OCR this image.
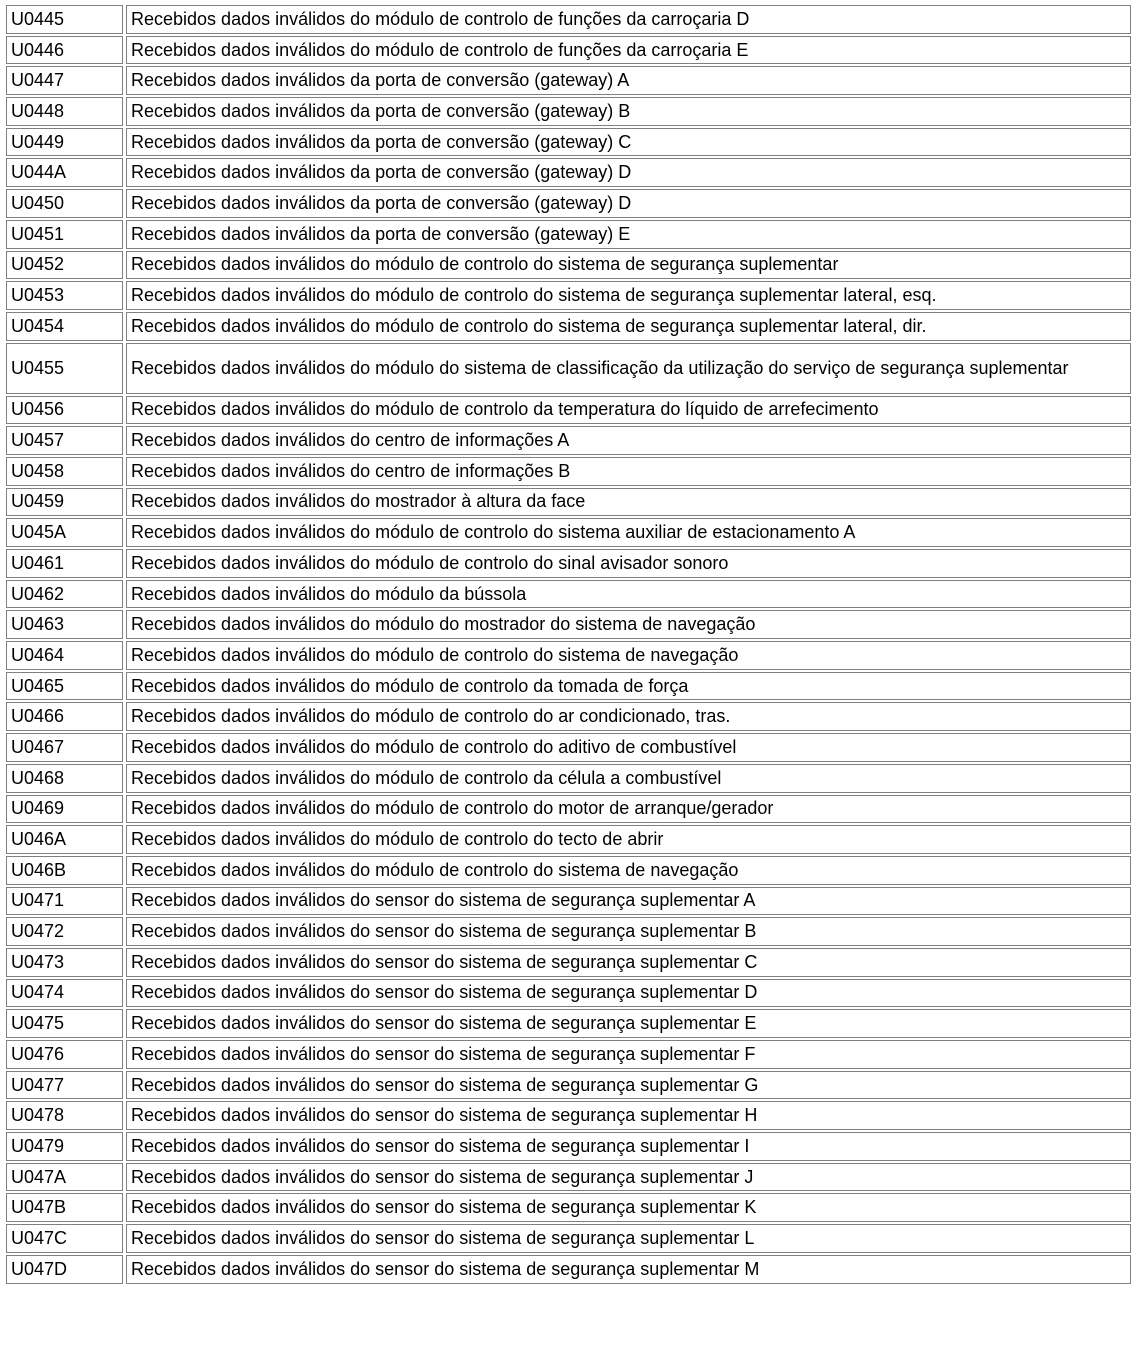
U0445	Recebidos dados inválidos do módulo de controlo de funções da carroçaria D
U0446	Recebidos dados inválidos do módulo de controlo de funções da carroçaria E
U0447	Recebidos dados inválidos da porta de conversão (gateway) A
U0448	Recebidos dados inválidos da porta de conversão (gateway) B
U0449	Recebidos dados inválidos da porta de conversão (gateway) C
U044A	Recebidos dados inválidos da porta de conversão (gateway) D
U0450	Recebidos dados inválidos da porta de conversão (gateway) D
U0451	Recebidos dados inválidos da porta de conversão (gateway) E
U0452	Recebidos dados inválidos do módulo de controlo do sistema de segurança suplementar
U0453	Recebidos dados inválidos do módulo de controlo do sistema de segurança suplementar lateral, esq.
U0454	Recebidos dados inválidos do módulo de controlo do sistema de segurança suplementar lateral, dir.
U0455	Recebidos dados inválidos do módulo do sistema de classificação da utilização do serviço de segurança suplementar
U0456	Recebidos dados inválidos do módulo de controlo da temperatura do líquido de arrefecimento
U0457	Recebidos dados inválidos do centro de informações A
U0458	Recebidos dados inválidos do centro de informações B
U0459	Recebidos dados inválidos do mostrador à altura da face
U045A	Recebidos dados inválidos do módulo de controlo do sistema auxiliar de estacionamento A
U0461	Recebidos dados inválidos do módulo de controlo do sinal avisador sonoro
U0462	Recebidos dados inválidos do módulo da bússola
U0463	Recebidos dados inválidos do módulo do mostrador do sistema de navegação
U0464	Recebidos dados inválidos do módulo de controlo do sistema de navegação
U0465	Recebidos dados inválidos do módulo de controlo da tomada de força
U0466	Recebidos dados inválidos do módulo de controlo do ar condicionado, tras.
U0467	Recebidos dados inválidos do módulo de controlo do aditivo de combustível
U0468	Recebidos dados inválidos do módulo de controlo da célula a combustível
U0469	Recebidos dados inválidos do módulo de controlo do motor de arranque/gerador
U046A	Recebidos dados inválidos do módulo de controlo do tecto de abrir
U046B	Recebidos dados inválidos do módulo de controlo do sistema de navegação
U0471	Recebidos dados inválidos do sensor do sistema de segurança suplementar A
U0472	Recebidos dados inválidos do sensor do sistema de segurança suplementar B
U0473	Recebidos dados inválidos do sensor do sistema de segurança suplementar C
U0474	Recebidos dados inválidos do sensor do sistema de segurança suplementar D
U0475	Recebidos dados inválidos do sensor do sistema de segurança suplementar E
U0476	Recebidos dados inválidos do sensor do sistema de segurança suplementar F
U0477	Recebidos dados inválidos do sensor do sistema de segurança suplementar G
U0478	Recebidos dados inválidos do sensor do sistema de segurança suplementar H
U0479	Recebidos dados inválidos do sensor do sistema de segurança suplementar I
U047A	Recebidos dados inválidos do sensor do sistema de segurança suplementar J
U047B	Recebidos dados inválidos do sensor do sistema de segurança suplementar K
U047C	Recebidos dados inválidos do sensor do sistema de segurança suplementar L
U047D	Recebidos dados inválidos do sensor do sistema de segurança suplementar M
